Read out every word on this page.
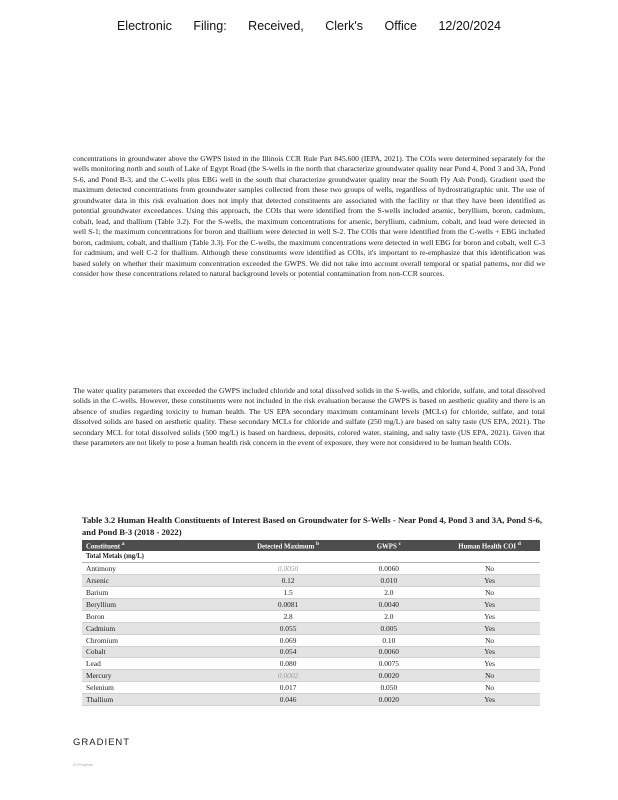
Electronic Filing: Received, Clerk's Office 12/20/2024

concentrations in groundwater above the GWPS listed in the Illinois CCR Rule Part 845.600 (IEPA, 2021). The COIs were determined separately for the wells monitoring north and south of Lake of Egypt Road (the S-wells in the north that characterize groundwater quality near Pond 4, Pond 3 and 3A, Pond S-6, and Pond B-3, and the C-wells plus EBG well in the south that characterize groundwater quality near the South Fly Ash Pond). Gradient used the maximum detected concentrations from groundwater samples collected from these two groups of wells, regardless of hydrostratigraphic unit. The use of groundwater data in this risk evaluation does not imply that detected constituents are associated with the facility or that they have been identified as potential groundwater exceedances. Using this approach, the COIs that were identified from the S-wells included arsenic, beryllium, boron, cadmium, cobalt, lead, and thallium (Table 3.2). For the S-wells, the maximum concentrations for arsenic, beryllium, cadmium, cobalt, and lead were detected in well S-1; the maximum concentrations for boron and thallium were detected in well S-2. The COIs that were identified from the C-wells + EBG included boron, cadmium, cobalt, and thallium (Table 3.3). For the C-wells, the maximum concentrations were detected in well EBG for boron and cobalt, well C-3 for cadmium, and well C-2 for thallium. Although these constituents were identified as COIs, it's important to re-emphasize that this identification was based solely on whether their maximum concentration exceeded the GWPS. We did not take into account overall temporal or spatial patterns, nor did we consider how these concentrations related to natural background levels or potential contamination from non-CCR sources.

The water quality parameters that exceeded the GWPS included chloride and total dissolved solids in the S-wells, and chloride, sulfate, and total dissolved solids in the C-wells. However, these constituents were not included in the risk evaluation because the GWPS is based on aesthetic quality and there is an absence of studies regarding toxicity to human health. The US EPA secondary maximum contaminant levels (MCLs) for chloride, sulfate, and total dissolved solids are based on aesthetic quality. These secondary MCLs for chloride and sulfate (250 mg/L) are based on salty taste (US EPA, 2021). The secondary MCL for total dissolved solids (500 mg/L) is based on hardness, deposits, colored water, staining, and salty taste (US EPA, 2021). Given that these parameters are not likely to pose a human health risk concern in the event of exposure, they were not considered to be human health COIs.

Table 3.2 Human Health Constituents of Interest Based on Groundwater for S-Wells - Near Pond 4, Pond 3 and 3A, Pond S-6, and Pond B-3 (2018 - 2022)
Constituent $^a$	Detected Maximum $^b$	GWPS $^c$	Human Health COI $^d$
Total Metals (mg/L)			
Antimony	0.0050	0.0060	No
Arsenic	0.12	0.010	Yes
Barium	1.5	2.0	No
Beryllium	0.0081	0.0040	Yes
Boron	2.8	2.0	Yes
Cadmium	0.055	0.005	Yes
Chromium	0.069	0.10	No
Cobalt	0.054	0.0060	Yes
Lead	0.080	0.0075	Yes
Mercury	0.0002	0.0020	No
Selenium	0.017	0.050	No
Thallium	0.046	0.0020	Yes
GRADIENT
G:\Projects
